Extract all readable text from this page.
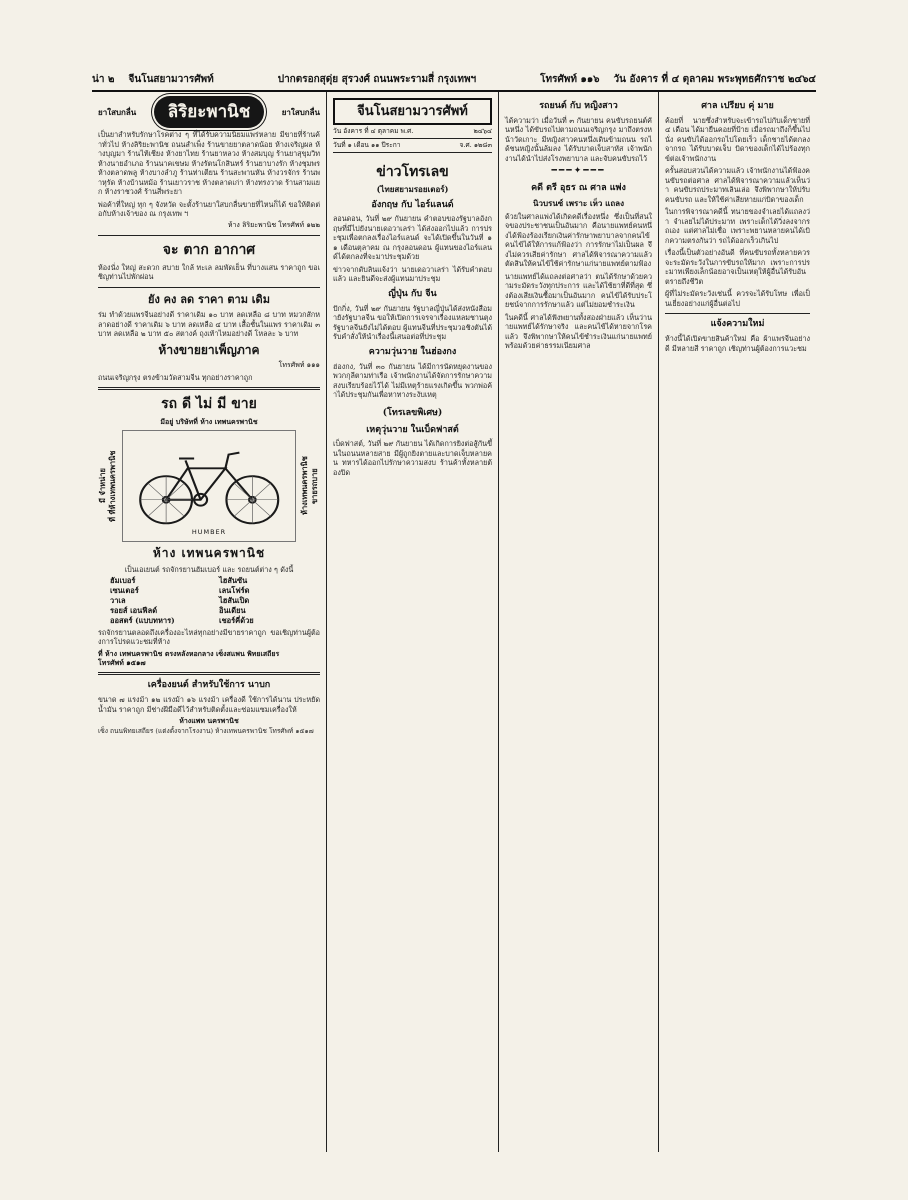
น่า ๒ จีนโนสยามวารศัพท์	ปากตรอกสุดุ่ย สุรวงศ์ ถนนพระรามสี่ กรุงเทพฯ	โทรศัพท์ ๑๑๖ วัน อังคาร ที่ ๔ ตุลาคม พระพุทธศักราช ๒๔๖๔
ยาใสบกลื่น	ลิริยะพานิช	ยาใสบกลื่น
เป็นยาสำหรับรักษาโรคต่าง ๆ ที่ได้รับความนิยมแพร่หลาย มีขายที่ร้านค้าทั่วไป ห้างลิริยะพานิช ถนนสำเพ็ง ร้านขายยาตลาดน้อย ห้างเจริญผล ห้างบุญมา ร้านไท้เชียง ห้างยาไทย ร้านยาหลวง ห้างสมบุญ ร้านยาสุขุมวิท ห้างนายอำเภอ ร้านนาคเขษม ห้างรัตนโกสินทร์ ร้านยาบางรัก ห้างชุมพร ห้างตลาดพลู ห้างบางลำภู ร้านท่าเตียน ร้านสะพานหัน ห้างวรจักร ร้านพาหุรัด ห้างบ้านหม้อ ร้านเยาวราช ห้างตลาดเก่า ห้างทรงวาด ร้านสามแยก ห้างราชวงศ์ ร้านสี่พระยา
พ่อค้าที่ใหญ่ ทุก ๆ จังหวัด จะตั้งร้านยาใสบกลื่นขายที่ไหนก็ได้ ขอให้ติดต่อกับห้างเจ้าของ ณ กรุงเทพ ฯ
ห้าง ลิริยะพานิช โทรศัพท์ ๑๒๒
จะ ตาก อากาศ
ห้องนั่ง ใหญ่ สะดวก สบาย ใกล้ ทะเล ลมพัดเย็น ที่บางแสน ราคาถูก ขอเชิญท่านไปพักผ่อน
ยัง คง ลด ราคา ตาม เดิม
ร่ม ทำด้วยแพรจีนอย่างดี ราคาเดิม ๑๐ บาท ลดเหลือ ๘ บาท หมวกสักหลาดอย่างดี ราคาเดิม ๖ บาท ลดเหลือ ๔ บาท เสื้อชั้นในแพร ราคาเดิม ๓ บาท ลดเหลือ ๒ บาท ๕๐ สตางค์ ถุงเท้าไหมอย่างดี โหลละ ๖ บาท
ห้างขายยาเพ็ญภาค
โทรศัพท์ ๑๑๑
ถนนเจริญกรุง ตรงข้ามวัดสามจีน ทุกอย่างราคาถูก
รถ ดี ไม่ มี ขาย
มีอยู่ บริษัทที่ ห้าง เทพนครพานิช
มี จำหน่าย ที่ ที่ห้างเทพนครพานิช
HUMBER
ห้างเทพนครพานิช ขายรถบาย
ห้าง เทพนครพานิช
เป็นเอเยนต์ รถจักรยานฮัมเบอร์ และ รถยนต์ต่าง ๆ ดังนี้
ฮัมเบอร์	ไฮสันซัน
เซนเตอร์	เลนโฟร์ด
วาเล	ไฮสันเปิด
รอยส์ เอนฟีลด์	อินเดียน
ออสตร์ (แบบทหาร)	เชอร์คี่ด้วย
รถจักรยานตลอดถึงเครื่องอะไหล่ทุกอย่างมีขายราคาถูก ขอเชิญท่านผู้ต้องการโปรดแวะชมที่ห้าง
ที่ ห้าง เทพนครพานิช ตรงหลังหอกลาง เซ็งสแพน พิทยเสถียร
โทรศัพท์ ๑๕๑๗
เครื่องยนต์ สำหรับใช้การ นาบก
ขนาด ๗ แรงม้า ๑๒ แรงม้า ๑๖ แรงม้า เครื่องดี ใช้การได้นาน ประหยัดน้ำมัน ราคาถูก มีช่างฝีมือดีไว้สำหรับติดตั้งและซ่อมแซมเครื่องให้
ห้างแพท นครพานิช
เซ็ง ถนนพิทยเสถียร (แต่งตั้งจากโรงงาน) ห้างเทพนครพานิช โทรศัพท์ ๑๕๑๗
จีนโนสยามวารศัพท์
วัน อังคาร ที่ ๔ ตุลาคม พ.ศ.	๒๔๖๔
วันที่ ๑ เดือน ๑๑ ปีระกา	จ.ศ. ๑๒๘๓
ข่าวโทรเลข
(ไทยสยามรอยเตอร์)
อังกฤษ กับ ไอร์แลนด์
ลอนดอน, วันที่ ๒๙ กันยายน คำตอบของรัฐบาลอังกฤษที่มีไปยังนายเดอวาเลร่า ได้ส่งออกไปแล้ว การประชุมเพื่อตกลงเรื่องไอร์แลนด์ จะได้เปิดขึ้นในวันที่ ๑๑ เดือนตุลาคม ณ กรุงลอนดอน ผู้แทนของไอร์แลนด์ได้ตกลงที่จะมาประชุมด้วย
ข่าวจากดับลินแจ้งว่า นายเดอวาเลร่า ได้รับคำตอบแล้ว และยินดีจะส่งผู้แทนมาประชุม
ญี่ปุ่น กับ จีน
ปักกิ่ง, วันที่ ๒๙ กันยายน รัฐบาลญี่ปุ่นได้ส่งหนังสือมายังรัฐบาลจีน ขอให้เปิดการเจรจาเรื่องแหลมชานตุง รัฐบาลจีนยังไม่ได้ตอบ ผู้แทนจีนที่ประชุมวอชิงตันได้รับคำสั่งให้นำเรื่องนี้เสนอต่อที่ประชุม
ความวุ่นวาย ในฮ่องกง
ฮ่องกง, วันที่ ๓๐ กันยายน ได้มีการนัดหยุดงานของพวกกุลีตามท่าเรือ เจ้าพนักงานได้จัดการรักษาความสงบเรียบร้อยไว้ได้ ไม่มีเหตุร้ายแรงเกิดขึ้น พวกพ่อค้าได้ประชุมกันเพื่อหาทางระงับเหตุ
(โทรเลขพิเศษ)
เหตุวุ่นวาย ในเบ็ดฟาสต์
เบ็ดฟาสต์, วันที่ ๒๙ กันยายน ได้เกิดการยิงต่อสู้กันขึ้นในถนนหลายสาย มีผู้ถูกยิงตายและบาดเจ็บหลายคน ทหารได้ออกไปรักษาความสงบ ร้านค้าทั้งหลายต้องปิด
รถยนต์ กับ หญิงสาว
ได้ความว่า เมื่อวันที่ ๓ กันยายน คนขับรถยนต์คันหนึ่ง ได้ขับรถไปตามถนนเจริญกรุง มาถึงตรงหน้าวัดเกาะ มีหญิงสาวคนหนึ่งเดินข้ามถนน รถได้ชนหญิงนั้นล้มลง ได้รับบาดเจ็บสาหัส เจ้าพนักงานได้นำไปส่งโรงพยาบาล และจับคนขับรถไว้
━━━✦━━━
คดี ตรี อุธร ณ ศาล แพ่ง
นิวบรนซ์ เพราะ เห็ว แถลง
ด้วยในศาลแพ่งได้เกิดคดีเรื่องหนึ่ง ซึ่งเป็นที่สนใจของประชาชนเป็นอันมาก คือนายแพทย์คนหนึ่งได้ฟ้องร้องเรียกเงินค่ารักษาพยาบาลจากคนไข้ คนไข้ได้ให้การแก้ฟ้องว่า การรักษาไม่เป็นผล จึงไม่ควรเสียค่ารักษา ศาลได้พิจารณาความแล้ว ตัดสินให้คนไข้ใช้ค่ารักษาแก่นายแพทย์ตามฟ้อง
นายแพทย์ได้แถลงต่อศาลว่า ตนได้รักษาด้วยความระมัดระวังทุกประการ และได้ใช้ยาที่ดีที่สุด ซึ่งต้องเสียเงินซื้อมาเป็นอันมาก คนไข้ได้รับประโยชน์จากการรักษาแล้ว แต่ไม่ยอมชำระเงิน
ในคดีนี้ ศาลได้ฟังพยานทั้งสองฝ่ายแล้ว เห็นว่านายแพทย์ได้รักษาจริง และคนไข้ได้หายจากโรคแล้ว จึงพิพากษาให้คนไข้ชำระเงินแก่นายแพทย์ พร้อมด้วยค่าธรรมเนียมศาล
ศาล เปรียบ คุ่ มาย
ค้อยที่ นายซึ่งสำหรับจะเข้ารถไปกับเด็กชายที่ ๔ เดือน ได้มายืนคอยที่ป้าย เมื่อรถมาถึงก็ขึ้นไปนั่ง คนขับได้ออกรถไปโดยเร็ว เด็กชายได้ตกลงจากรถ ได้รับบาดเจ็บ บิดาของเด็กได้ไปร้องทุกข์ต่อเจ้าพนักงาน
ครั้นสอบสวนได้ความแล้ว เจ้าพนักงานได้ฟ้องคนขับรถต่อศาล ศาลได้พิจารณาความแล้วเห็นว่า คนขับรถประมาทเลินเล่อ จึงพิพากษาให้ปรับคนขับรถ และให้ใช้ค่าเสียหายแก่บิดาของเด็ก
ในการพิจารณาคดีนี้ ทนายของจำเลยได้แถลงว่า จำเลยไม่ได้ประมาท เพราะเด็กได้วิ่งลงจากรถเอง แต่ศาลไม่เชื่อ เพราะพยานหลายคนได้เบิกความตรงกันว่า รถได้ออกเร็วเกินไป
เรื่องนี้เป็นตัวอย่างอันดี ที่คนขับรถทั้งหลายควรจะระมัดระวังในการขับรถให้มาก เพราะการประมาทเพียงเล็กน้อยอาจเป็นเหตุให้ผู้อื่นได้รับอันตรายถึงชีวิต
ผู้ที่ไม่ระมัดระวังเช่นนี้ ควรจะได้รับโทษ เพื่อเป็นเยี่ยงอย่างแก่ผู้อื่นต่อไป
แจ้งความใหม่
ห้างนี้ได้เปิดขายสินค้าใหม่ คือ ผ้าแพรจีนอย่างดี มีหลายสี ราคาถูก เชิญท่านผู้ต้องการแวะชม
